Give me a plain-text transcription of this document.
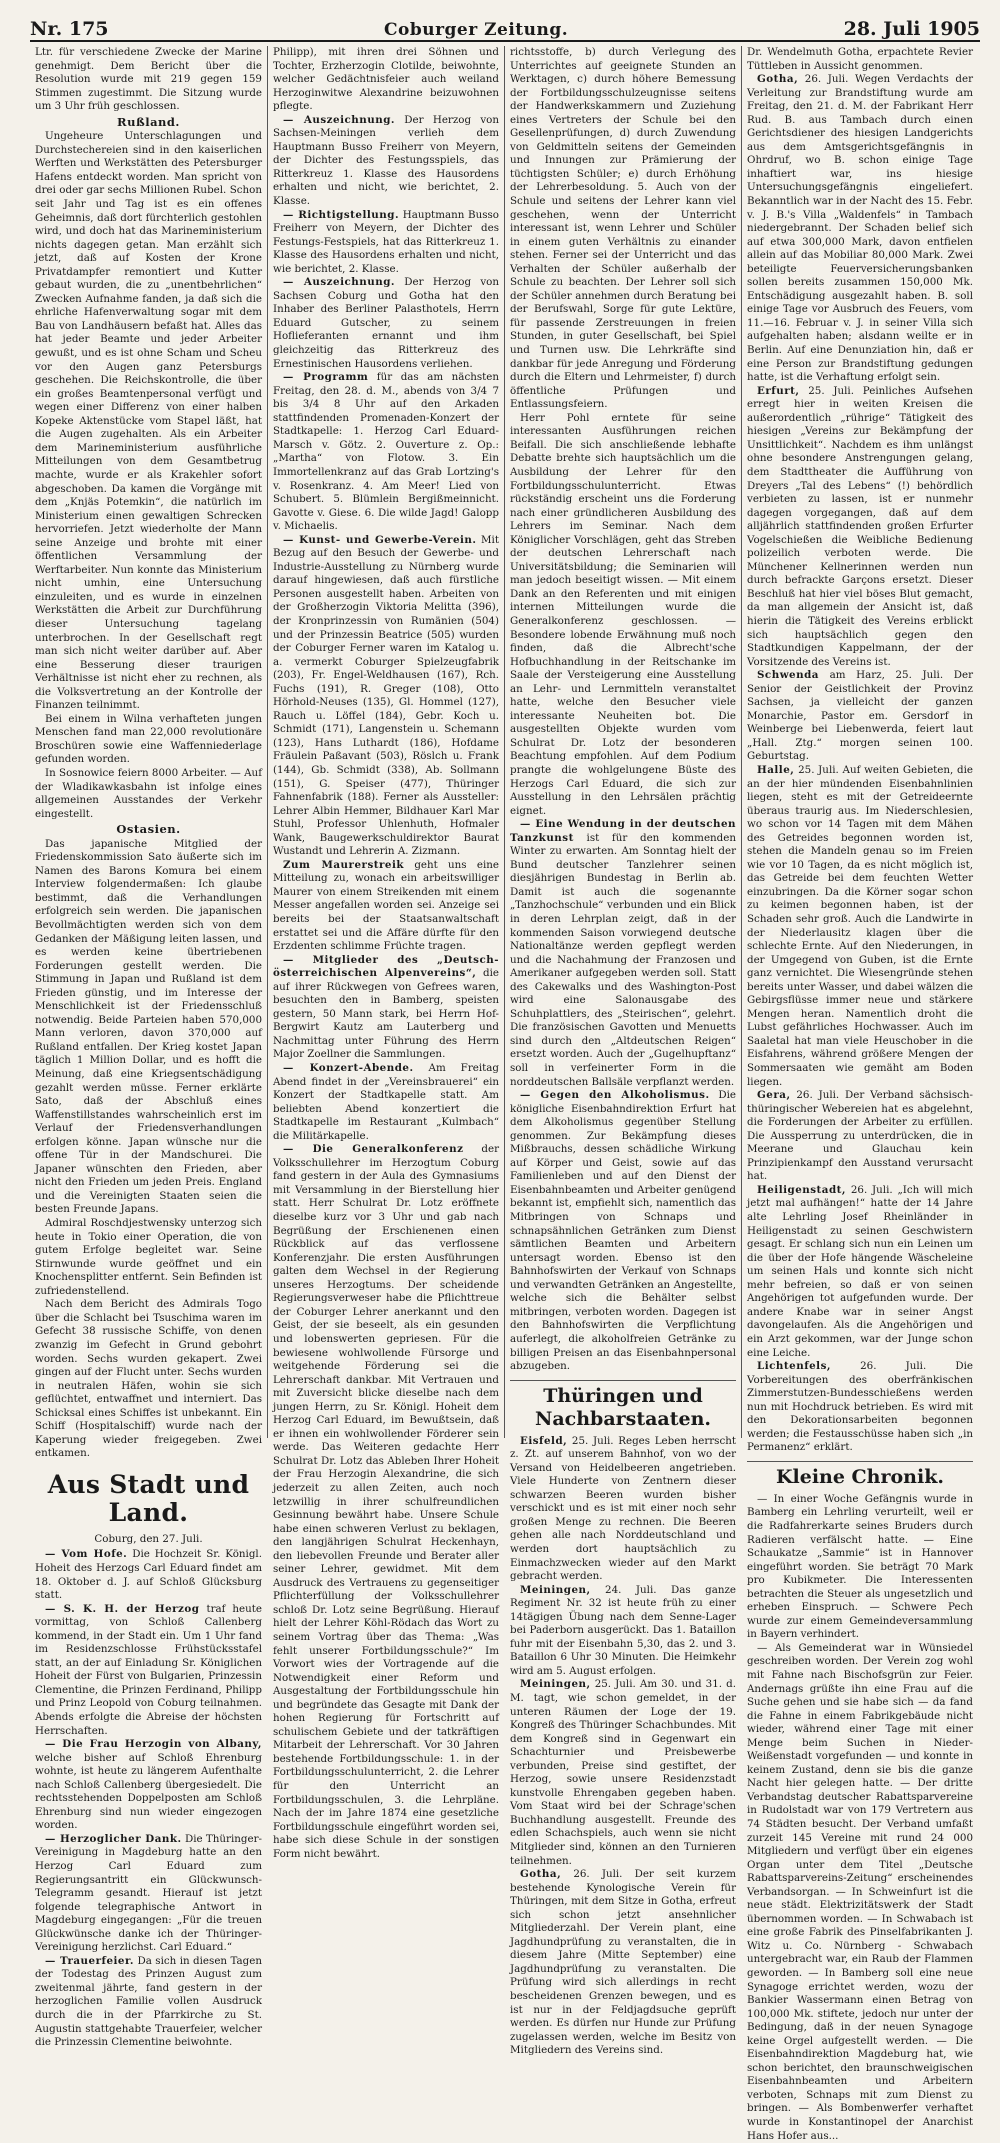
Nr. 175	Coburger Zeitung.	28. Juli 1905

Ltr. für verschiedene Zwecke der Marine genehmigt. Dem Bericht über die Resolution wurde mit 219 gegen 159 Stimmen zugestimmt. Die Sitzung wurde um 3 Uhr früh geschlossen.

Rußland.

Ungeheure Unterschlagungen und Durchstechereien sind in den kaiserlichen Werften und Werkstätten des Petersburger Hafens entdeckt worden. Man spricht von drei oder gar sechs Millionen Rubel. Schon seit Jahr und Tag ist es ein offenes Geheimnis, daß dort fürchterlich gestohlen wird, und doch hat das Marineministerium nichts dagegen getan. Man erzählt sich jetzt, daß auf Kosten der Krone Privatdampfer remontiert und Kutter gebaut wurden, die zu „unentbehrlichen“ Zwecken Aufnahme fanden, ja daß sich die ehrliche Hafenverwaltung sogar mit dem Bau von Landhäusern befaßt hat. Alles das hat jeder Beamte und jeder Arbeiter gewußt, und es ist ohne Scham und Scheu vor den Augen ganz Petersburgs geschehen. Die Reichskontrolle, die über ein großes Beamtenpersonal verfügt und wegen einer Differenz von einer halben Kopeke Aktenstücke vom Stapel läßt, hat die Augen zugehalten. Als ein Arbeiter dem Marineministerium ausführliche Mitteilungen von dem Gesamtbetrug machte, wurde er als Krakehler sofort abgeschoben. Da kamen die Vorgänge mit dem „Knjäs Potemkin“, die natürlich im Ministerium einen gewaltigen Schrecken hervorriefen. Jetzt wiederholte der Mann seine Anzeige und brohte mit einer öffentlichen Versammlung der Werftarbeiter. Nun konnte das Ministerium nicht umhin, eine Untersuchung einzuleiten, und es wurde in einzelnen Werkstätten die Arbeit zur Durchführung dieser Untersuchung tagelang unterbrochen. In der Gesellschaft regt man sich nicht weiter darüber auf. Aber eine Besserung dieser traurigen Verhältnisse ist nicht eher zu rechnen, als die Volksvertretung an der Kontrolle der Finanzen teilnimmt.

Bei einem in Wilna verhafteten jungen Menschen fand man 22,000 revolutionäre Broschüren sowie eine Waffenniederlage gefunden worden.

In Sosnowice feiern 8000 Arbeiter. — Auf der Wladikawkasbahn ist infolge eines allgemeinen Ausstandes der Verkehr eingestellt.

Ostasien.

Das japanische Mitglied der Friedenskommission Sato äußerte sich im Namen des Barons Komura bei einem Interview folgendermaßen: Ich glaube bestimmt, daß die Verhandlungen erfolgreich sein werden. Die japanischen Bevollmächtigten werden sich von dem Gedanken der Mäßigung leiten lassen, und es werden keine übertriebenen Forderungen gestellt werden. Die Stimmung in Japan und Rußland ist dem Frieden günstig, und im Interesse der Menschlichkeit ist der Friedensschluß notwendig. Beide Parteien haben 570,000 Mann verloren, davon 370,000 auf Rußland entfallen. Der Krieg kostet Japan täglich 1 Million Dollar, und es hofft die Meinung, daß eine Kriegsentschädigung gezahlt werden müsse. Ferner erklärte Sato, daß der Abschluß eines Waffenstillstandes wahrscheinlich erst im Verlauf der Friedensverhandlungen erfolgen könne. Japan wünsche nur die offene Tür in der Mandschurei. Die Japaner wünschten den Frieden, aber nicht den Frieden um jeden Preis. England und die Vereinigten Staaten seien die besten Freunde Japans.

Admiral Roschdjestwensky unterzog sich heute in Tokio einer Operation, die von gutem Erfolge begleitet war. Seine Stirnwunde wurde geöffnet und ein Knochensplitter entfernt. Sein Befinden ist zufriedenstellend.

Nach dem Bericht des Admirals Togo über die Schlacht bei Tsuschima waren im Gefecht 38 russische Schiffe, von denen zwanzig im Gefecht in Grund gebohrt worden. Sechs wurden gekapert. Zwei gingen auf der Flucht unter. Sechs wurden in neutralen Häfen, wohin sie sich geflüchtet, entwaffnet und interniert. Das Schicksal eines Schiffes ist unbekannt. Ein Schiff (Hospitalschiff) wurde nach der Kaperung wieder freigegeben. Zwei entkamen.

Aus Stadt und Land.
Coburg, den 27. Juli.

— Vom Hofe. Die Hochzeit Sr. Königl. Hoheit des Herzogs Carl Eduard findet am 18. Oktober d. J. auf Schloß Glücksburg statt.

— S. K. H. der Herzog traf heute vormittag, von Schloß Callenberg kommend, in der Stadt ein. Um 1 Uhr fand im Residenzschlosse Frühstücksstafel statt, an der auf Einladung Sr. Königlichen Hoheit der Fürst von Bulgarien, Prinzessin Clementine, die Prinzen Ferdinand, Philipp und Prinz Leopold von Coburg teilnahmen. Abends erfolgte die Abreise der höchsten Herrschaften.

— Die Frau Herzogin von Albany, welche bisher auf Schloß Ehrenburg wohnte, ist heute zu längerem Aufenthalte nach Schloß Callenberg übergesiedelt. Die rechtsstehenden Doppelposten am Schloß Ehrenburg sind nun wieder eingezogen worden.

— Herzoglicher Dank. Die Thüringer-Vereinigung in Magdeburg hatte an den Herzog Carl Eduard zum Regierungsantritt ein Glückwunsch-Telegramm gesandt. Hierauf ist jetzt folgende telegraphische Antwort in Magdeburg eingegangen: „Für die treuen Glückwünsche danke ich der Thüringer-Vereinigung herzlichst. Carl Eduard.“

— Trauerfeier. Da sich in diesen Tagen der Todestag des Prinzen August zum zweitenmal jährte, fand gestern in der herzoglichen Familie vollen Ausdruck durch die in der Pfarrkirche zu St. Augustin stattgehabte Trauerfeier, welcher die Prinzessin Clementine beiwohnte.

Philipp), mit ihren drei Söhnen und Tochter, Erzherzogin Clotilde, beiwohnte, welcher Gedächtnisfeier auch weiland Herzoginwitwe Alexandrine beizuwohnen pflegte.

— Auszeichnung. Der Herzog von Sachsen-Meiningen verlieh dem Hauptmann Busso Freiherr von Meyern, der Dichter des Festungsspiels, das Ritterkreuz 1. Klasse des Hausordens erhalten und nicht, wie berichtet, 2. Klasse.

— Richtigstellung. Hauptmann Busso Freiherr von Meyern, der Dichter des Festungs-Festspiels, hat das Ritterkreuz 1. Klasse des Hausordens erhalten und nicht, wie berichtet, 2. Klasse.

— Auszeichnung. Der Herzog von Sachsen Coburg und Gotha hat den Inhaber des Berliner Palasthotels, Herrn Eduard Gutscher, zu seinem Hoflieferanten ernannt und ihm gleichzeitig das Ritterkreuz des Ernestinischen Hausordens verliehen.

— Programm für das am nächsten Freitag, den 28. d. M., abends von 3/4 7 bis 3/4 8 Uhr auf den Arkaden stattfindenden Promenaden-Konzert der Stadtkapelle: 1. Herzog Carl Eduard-Marsch v. Götz. 2. Ouverture z. Op.: „Martha“ von Flotow. 3. Ein Immortellenkranz auf das Grab Lortzing's v. Rosenkranz. 4. Am Meer! Lied von Schubert. 5. Blümlein Bergißmeinnicht. Gavotte v. Giese. 6. Die wilde Jagd! Galopp v. Michaelis.

— Kunst- und Gewerbe-Verein. Mit Bezug auf den Besuch der Gewerbe- und Industrie-Ausstellung zu Nürnberg wurde darauf hingewiesen, daß auch fürstliche Personen ausgestellt haben. Arbeiten von der Großherzogin Viktoria Melitta (396), der Kronprinzessin von Rumänien (504) und der Prinzessin Beatrice (505) wurden der Coburger Ferner waren im Katalog u. a. vermerkt Coburger Spielzeugfabrik (203), Fr. Engel-Weldhausen (167), Rch. Fuchs (191), R. Greger (108), Otto Hörhold-Neuses (135), Gl. Hommel (127), Rauch u. Löffel (184), Gebr. Koch u. Schmidt (171), Langenstein u. Schemann (123), Hans Luthardt (186), Hofdame Fräulein Paßavant (503), Röslch u. Frank (144), Gb. Schmidt (338), Ab. Sollmann (151), G. Speiser (477), Thüringer Fahnenfabrik (188). Ferner als Aussteller: Lehrer Albin Hemmer, Bildhauer Karl Mar Stuhl, Professor Uhlenhuth, Hofmaler Wank, Baugewerkschuldirektor Baurat Wustandt und Lehrerin A. Zizmann.

Zum Maurerstreik geht uns eine Mitteilung zu, wonach ein arbeitswilliger Maurer von einem Streikenden mit einem Messer angefallen worden sei. Anzeige sei bereits bei der Staatsanwaltschaft erstattet sei und die Affäre dürfte für den Erzdenten schlimme Früchte tragen.

— Mitglieder des „Deutsch-österreichischen Alpenvereins“, die auf ihrer Rückwegen von Gefrees waren, besuchten den in Bamberg, speisten gestern, 50 Mann stark, bei Herrn Hof-Bergwirt Kautz am Lauterberg und Nachmittag unter Führung des Herrn Major Zoellner die Sammlungen.

— Konzert-Abende. Am Freitag Abend findet in der „Vereinsbrauerei“ ein Konzert der Stadtkapelle statt. Am beliebten Abend konzertiert die Stadtkapelle im Restaurant „Kulmbach“ die Militärkapelle.

— Die Generalkonferenz der Volksschullehrer im Herzogtum Coburg fand gestern in der Aula des Gymnasiums mit Versammlung in der Bierstellung hier statt. Herr Schulrat Dr. Lotz eröffnete dieselbe kurz vor 3 Uhr und gab nach Begrüßung der Erschienenen einen Rückblick auf das verflossene Konferenzjahr. Die ersten Ausführungen galten dem Wechsel in der Regierung unseres Herzogtums. Der scheidende Regierungsverweser habe die Pflichttreue der Coburger Lehrer anerkannt und den Geist, der sie beseelt, als ein gesunden und lobenswerten gepriesen. Für die bewiesene wohlwollende Fürsorge und weitgehende Förderung sei die Lehrerschaft dankbar. Mit Vertrauen und mit Zuversicht blicke dieselbe nach dem jungen Herrn, zu Sr. Königl. Hoheit dem Herzog Carl Eduard, im Bewußtsein, daß er ihnen ein wohlwollender Förderer sein werde. Das Weiteren gedachte Herr Schulrat Dr. Lotz das Ableben Ihrer Hoheit der Frau Herzogin Alexandrine, die sich jederzeit zu allen Zeiten, auch noch letzwillig in ihrer schulfreundlichen Gesinnung bewährt habe. Unsere Schule habe einen schweren Verlust zu beklagen, den langjährigen Schulrat Heckenhayn, den liebevollen Freunde und Berater aller seiner Lehrer, gewidmet. Mit dem Ausdruck des Vertrauens zu gegenseitiger Pflichterfüllung der Volksschullehrer schloß Dr. Lotz seine Begrüßung. Hierauf hielt der Lehrer Köhl-Rödach das Wort zu seinem Vortrag über das Thema: „Was fehlt unserer Fortbildungsschule?“ Im Vorwort wies der Vortragende auf die Notwendigkeit einer Reform und Ausgestaltung der Fortbildungsschule hin und begründete das Gesagte mit Dank der hohen Regierung für Fortschritt auf schulischem Gebiete und der tatkräftigen Mitarbeit der Lehrerschaft. Vor 30 Jahren bestehende Fortbildungsschule: 1. in der Fortbildungsschulunterricht, 2. die Lehrer für den Unterricht an Fortbildungsschulen, 3. die Lehrpläne. Nach der im Jahre 1874 eine gesetzliche Fortbildungsschule eingeführt worden sei, habe sich diese Schule in der sonstigen Form nicht bewährt.

richtsstoffe, b) durch Verlegung des Unterrichtes auf geeignete Stunden an Werktagen, c) durch höhere Bemessung der Fortbildungsschulzeugnisse seitens der Handwerkskammern und Zuziehung eines Vertreters der Schule bei den Gesellenprüfungen, d) durch Zuwendung von Geldmitteln seitens der Gemeinden und Innungen zur Prämierung der tüchtigsten Schüler; e) durch Erhöhung der Lehrerbesoldung. 5. Auch von der Schule und seitens der Lehrer kann viel geschehen, wenn der Unterricht interessant ist, wenn Lehrer und Schüler in einem guten Verhältnis zu einander stehen. Ferner sei der Unterricht und das Verhalten der Schüler außerhalb der Schule zu beachten. Der Lehrer soll sich der Schüler annehmen durch Beratung bei der Berufswahl, Sorge für gute Lektüre, für passende Zerstreuungen in freien Stunden, in guter Gesellschaft, bei Spiel und Turnen usw. Die Lehrkräfte sind dankbar für jede Anregung und Förderung durch die Eltern und Lehrmeister, f) durch öffentliche Prüfungen und Entlassungsfeiern.

Herr Pohl erntete für seine interessanten Ausführungen reichen Beifall. Die sich anschließende lebhafte Debatte brehte sich hauptsächlich um die Ausbildung der Lehrer für den Fortbildungsschulunterricht. Etwas rückständig erscheint uns die Forderung nach einer gründlicheren Ausbildung des Lehrers im Seminar. Nach dem Königlicher Vorschlägen, geht das Streben der deutschen Lehrerschaft nach Universitätsbildung; die Seminarien will man jedoch beseitigt wissen. — Mit einem Dank an den Referenten und mit einigen internen Mitteilungen wurde die Generalkonferenz geschlossen. — Besondere lobende Erwähnung muß noch finden, daß die Albrecht'sche Hofbuchhandlung in der Reitschanke im Saale der Versteigerung eine Ausstellung an Lehr- und Lernmitteln veranstaltet hatte, welche den Besucher viele interessante Neuheiten bot. Die ausgestellten Objekte wurden vom Schulrat Dr. Lotz der besonderen Beachtung empfohlen. Auf dem Podium prangte die wohlgelungene Büste des Herzogs Carl Eduard, die sich zur Ausstellung in den Lehrsälen prächtig eignet.

— Eine Wendung in der deutschen Tanzkunst ist für den kommenden Winter zu erwarten. Am Sonntag hielt der Bund deutscher Tanzlehrer seinen diesjährigen Bundestag in Berlin ab. Damit ist auch die sogenannte „Tanzhochschule“ verbunden und ein Blick in deren Lehrplan zeigt, daß in der kommenden Saison vorwiegend deutsche Nationaltänze werden gepflegt werden und die Nachahmung der Franzosen und Amerikaner aufgegeben werden soll. Statt des Cakewalks und des Washington-Post wird eine Salonausgabe des Schuhplattlers, des „Steirischen“, gelehrt. Die französischen Gavotten und Menuetts sind durch den „Altdeutschen Reigen“ ersetzt worden. Auch der „Gugelhupftanz“ soll in verfeinerter Form in die norddeutschen Ballsäle verpflanzt werden.

— Gegen den Alkoholismus. Die königliche Eisenbahndirektion Erfurt hat dem Alkoholismus gegenüber Stellung genommen. Zur Bekämpfung dieses Mißbrauchs, dessen schädliche Wirkung auf Körper und Geist, sowie auf das Familienleben und auf den Dienst der Eisenbahnbeamten und Arbeiter genügend bekannt ist, empfiehlt sich, namentlich das Mitbringen von Schnaps und schnapsähnlichen Getränken zum Dienst sämtlichen Beamten und Arbeitern untersagt worden. Ebenso ist den Bahnhofswirten der Verkauf von Schnaps und verwandten Getränken an Angestellte, welche sich die Behälter selbst mitbringen, verboten worden. Dagegen ist den Bahnhofswirten die Verpflichtung auferlegt, die alkoholfreien Getränke zu billigen Preisen an das Eisenbahnpersonal abzugeben.

Thüringen und Nachbarstaaten.

Eisfeld, 25. Juli. Reges Leben herrscht z. Zt. auf unserem Bahnhof, von wo der Versand von Heidelbeeren angetrieben. Viele Hunderte von Zentnern dieser schwarzen Beeren wurden bisher verschickt und es ist mit einer noch sehr großen Menge zu rechnen. Die Beeren gehen alle nach Norddeutschland und werden dort hauptsächlich zu Einmachzwecken wieder auf den Markt gebracht werden.

Meiningen, 24. Juli. Das ganze Regiment Nr. 32 ist heute früh zu einer 14tägigen Übung nach dem Senne-Lager bei Paderborn ausgerückt. Das 1. Bataillon fuhr mit der Eisenbahn 5,30, das 2. und 3. Bataillon 6 Uhr 30 Minuten. Die Heimkehr wird am 5. August erfolgen.

Meiningen, 25. Juli. Am 30. und 31. d. M. tagt, wie schon gemeldet, in der unteren Räumen der Loge der 19. Kongreß des Thüringer Schachbundes. Mit dem Kongreß sind in Gegenwart ein Schachturnier und Preisbewerbe verbunden, Preise sind gestiftet, der Herzog, sowie unsere Residenzstadt kunstvolle Ehrengaben gegeben haben. Vom Staat wird bei der Schrage'schen Buchhandlung ausgestellt. Freunde des edlen Schachspiels, auch wenn sie nicht Mitglieder sind, können an den Turnieren teilnehmen.

Gotha, 26. Juli. Der seit kurzem bestehende Kynologische Verein für Thüringen, mit dem Sitze in Gotha, erfreut sich schon jetzt ansehnlicher Mitgliederzahl. Der Verein plant, eine Jagdhundprüfung zu veranstalten, die in diesem Jahre (Mitte September) eine Jagdhundprüfung zu veranstalten. Die Prüfung wird sich allerdings in recht bescheidenen Grenzen bewegen, und es ist nur in der Feldjagdsuche geprüft werden. Es dürfen nur Hunde zur Prüfung zugelassen werden, welche im Besitz von Mitgliedern des Vereins sind.

Dr. Wendelmuth Gotha, erpachtete Revier Tüttleben in Aussicht genommen.

Gotha, 26. Juli. Wegen Verdachts der Verleitung zur Brandstiftung wurde am Freitag, den 21. d. M. der Fabrikant Herr Rud. B. aus Tambach durch einen Gerichtsdiener des hiesigen Landgerichts aus dem Amtsgerichtsgefängnis in Ohrdruf, wo B. schon einige Tage inhaftiert war, ins hiesige Untersuchungsgefängnis eingeliefert. Bekanntlich war in der Nacht des 15. Febr. v. J. B.'s Villa „Waldenfels“ in Tambach niedergebrannt. Der Schaden belief sich auf etwa 300,000 Mark, davon entfielen allein auf das Mobiliar 80,000 Mark. Zwei beteiligte Feuerversicherungsbanken sollen bereits zusammen 150,000 Mk. Entschädigung ausgezahlt haben. B. soll einige Tage vor Ausbruch des Feuers, vom 11.—16. Februar v. J. in seiner Villa sich aufgehalten haben; alsdann weilte er in Berlin. Auf eine Denunziation hin, daß er eine Person zur Brandstiftung gedungen hatte, ist die Verhaftung erfolgt sein.

Erfurt, 25. Juli. Peinliches Aufsehen erregt hier in weiten Kreisen die außerordentlich „rührige“ Tätigkeit des hiesigen „Vereins zur Bekämpfung der Unsittlichkeit“. Nachdem es ihm unlängst ohne besondere Anstrengungen gelang, dem Stadttheater die Aufführung von Dreyers „Tal des Lebens“ (!) behördlich verbieten zu lassen, ist er nunmehr dagegen vorgegangen, daß auf dem alljährlich stattfindenden großen Erfurter Vogelschießen die Weibliche Bedienung polizeilich verboten werde. Die Münchener Kellnerinnen werden nun durch befrackte Garçons ersetzt. Dieser Beschluß hat hier viel böses Blut gemacht, da man allgemein der Ansicht ist, daß hierin die Tätigkeit des Vereins erblickt sich hauptsächlich gegen den Stadtkundigen Kappelmann, der der Vorsitzende des Vereins ist.

Schwenda am Harz, 25. Juli. Der Senior der Geistlichkeit der Provinz Sachsen, ja vielleicht der ganzen Monarchie, Pastor em. Gersdorf in Weinberge bei Liebenwerda, feiert laut „Hall. Ztg.“ morgen seinen 100. Geburtstag.

Halle, 25. Juli. Auf weiten Gebieten, die an der hier mündenden Eisenbahnlinien liegen, steht es mit der Getreideernte überaus traurig aus. Im Niederschlesien, wo schon vor 14 Tagen mit dem Mähen des Getreides begonnen worden ist, stehen die Mandeln genau so im Freien wie vor 10 Tagen, da es nicht möglich ist, das Getreide bei dem feuchten Wetter einzubringen. Da die Körner sogar schon zu keimen begonnen haben, ist der Schaden sehr groß. Auch die Landwirte in der Niederlausitz klagen über die schlechte Ernte. Auf den Niederungen, in der Umgegend von Guben, ist die Ernte ganz vernichtet. Die Wiesengründe stehen bereits unter Wasser, und dabei wälzen die Gebirgsflüsse immer neue und stärkere Mengen heran. Namentlich droht die Lubst gefährliches Hochwasser. Auch im Saaletal hat man viele Heuschober in die Eisfahrens, während größere Mengen der Sommersaaten wie gemäht am Boden liegen.

Gera, 26. Juli. Der Verband sächsisch-thüringischer Webereien hat es abgelehnt, die Forderungen der Arbeiter zu erfüllen. Die Aussperrung zu unterdrücken, die in Meerane und Glauchau kein Prinzipienkampf den Ausstand verursacht hat.

Heiligenstadt, 26. Juli. „Ich will mich jetzt mal aufhängen!“ hatte der 14 Jahre alte Lehrling Josef Rheinländer in Heiligenstadt zu seinen Geschwistern gesagt. Er schlang sich nun ein Leinen um die über der Hofe hängende Wäscheleine um seinen Hals und konnte sich nicht mehr befreien, so daß er von seinen Angehörigen tot aufgefunden wurde. Der andere Knabe war in seiner Angst davongelaufen. Als die Angehörigen und ein Arzt gekommen, war der Junge schon eine Leiche.

Lichtenfels,	26. Juli. Die Vorbereitungen des oberfränkischen Zimmerstutzen-Bundesschießens werden nun mit Hochdruck betrieben. Es wird mit den Dekorationsarbeiten begonnen werden; die Festausschüsse haben sich „in Permanenz“ erklärt.

Kleine Chronik.

— In einer Woche Gefängnis wurde in Bamberg ein Lehrling verurteilt, weil er die Radfahrerkarte seines Bruders durch Radieren verfälscht hatte. — Eine Schaukatze „Sammie“ ist in Hannover eingeführt worden. Sie beträgt 70 Mark pro Kubikmeter. Die Interessenten betrachten die Steuer als ungesetzlich und erheben Einspruch. — Schwere Pech wurde zur einem Gemeindeversammlung in Bayern verhindert.

— Als Gemeinderat war in Wünsiedel geschreiben worden. Der Verein zog wohl mit Fahne nach Bischofsgrün zur Feier. Andernags grüßte ihn eine Frau auf die Suche gehen und sie habe sich — da fand die Fahne in einem Fabrikgebäude nicht wieder, während einer Tage mit einer Menge beim Suchen in Nieder-Weißenstadt vorgefunden — und konnte in keinem Zustand, denn sie bis die ganze Nacht hier gelegen hatte. — Der dritte Verbandstag deutscher Rabattsparvereine in Rudolstadt war von 179 Vertretern aus 74 Städten besucht. Der Verband umfaßt zurzeit 145 Vereine mit rund 24 000 Mitgliedern und verfügt über ein eigenes Organ unter dem Titel „Deutsche Rabattsparvereins-Zeitung“ erscheinendes Verbandsorgan. — In Schweinfurt ist die neue städt. Elektrizitätswerk der Stadt übernommen worden. — In Schwabach ist eine große Fabrik des Pinselfabrikanten J. Witz u. Co. Nürnberg - Schwabach untergebracht war, ein Raub der Flammen geworden. — In Bamberg soll eine neue Synagoge errichtet werden, wozu der Bankier Wassermann einen Betrag von 100,000 Mk. stiftete, jedoch nur unter der Bedingung, daß in der neuen Synagoge keine Orgel aufgestellt werden. — Die Eisenbahndirektion Magdeburg hat, wie schon berichtet, den braunschweigischen Eisenbahnbeamten und Arbeitern verboten, Schnaps mit zum Dienst zu bringen. — Als Bombenwerfer verhaftet wurde in Konstantinopel der Anarchist Hans Hofer aus...
